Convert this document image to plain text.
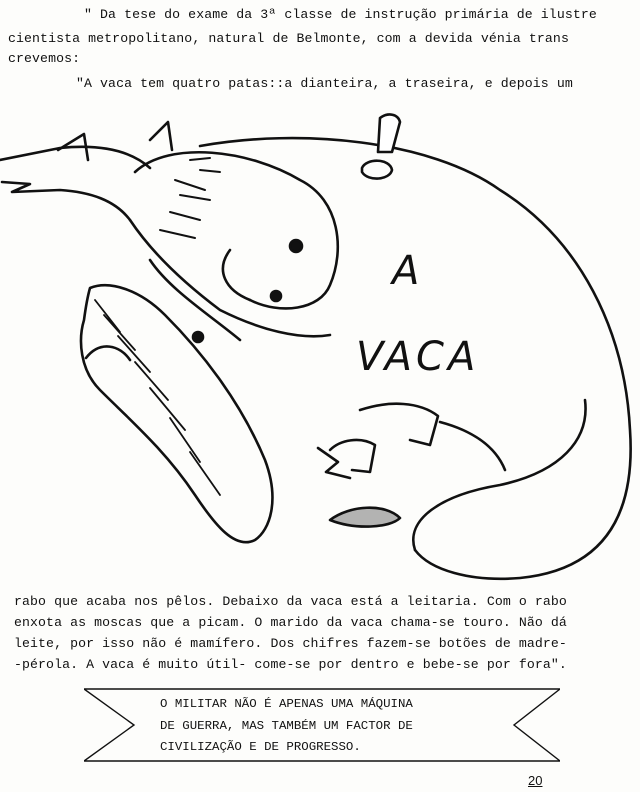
" Da tese do exame da 3ª classe de instrução primária de ilustre
cientista metropolitano, natural de Belmonte, com a devida vénia trans
crevemos:
"A vaca tem quatro patas::a dianteira, a traseira, e depois um
A
VACA
rabo que acaba nos pêlos. Debaixo da vaca está a leitaria. Com o rabo
enxota as moscas que a picam. O marido da vaca chama-se touro. Não dá
leite, por isso não é mamífero. Dos chifres fazem-se botões de madre-
-pérola. A vaca é muito útil- come-se por dentro e bebe-se por fora".
O MILITAR NÃO É APENAS UMA MÁQUINA
DE GUERRA, MAS TAMBÉM UM FACTOR DE
CIVILIZAÇÃO E DE PROGRESSO.
20
